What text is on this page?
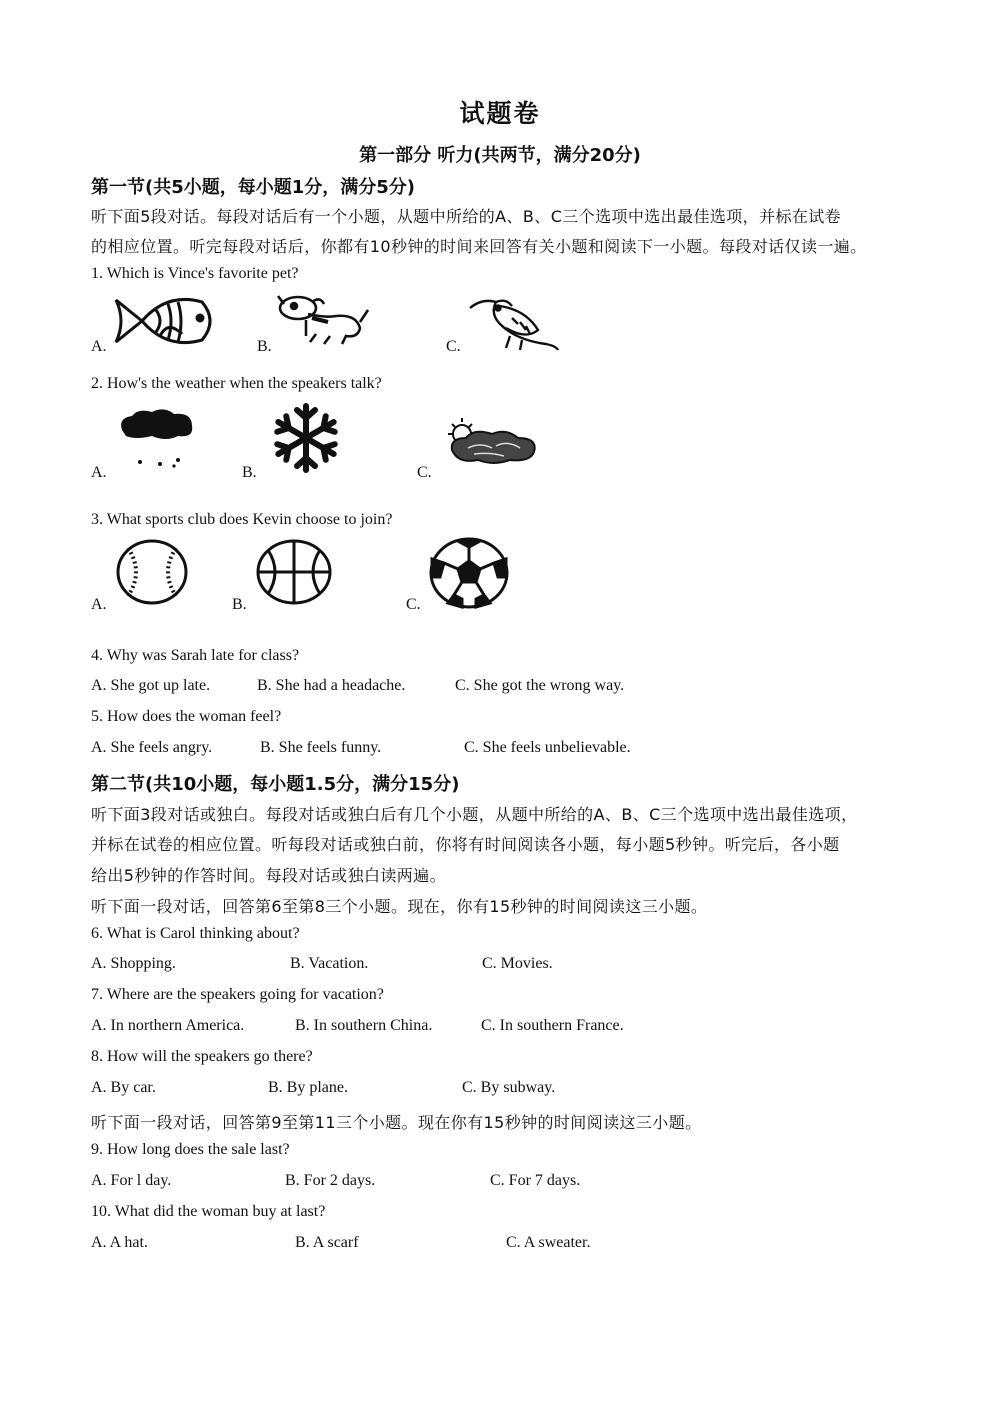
试题卷
第一部分 听力(共两节，满分20分)
第一节(共5小题，每小题1分，满分5分)
听下面5段对话。每段对话后有一个小题，从题中所给的A、B、C三个选项中选出最佳选项，并标在试卷
的相应位置。听完每段对话后，你都有10秒钟的时间来回答有关小题和阅读下一小题。每段对话仅读一遍。
1. Which is Vince's favorite pet?
A.	B.	C.
2. How's the weather when the speakers talk?
A.	B.	C.
3. What sports club does Kevin choose to join?
A.	B.	C.
4. Why was Sarah late for class?
A. She got up late.	B. She had a headache.	C. She got the wrong way.
5. How does the woman feel?
A. She feels angry.	B. She feels funny.	C. She feels unbelievable.
第二节(共10小题，每小题1.5分，满分15分)
听下面3段对话或独白。每段对话或独白后有几个小题，从题中所给的A、B、C三个选项中选出最佳选项，
并标在试卷的相应位置。听每段对话或独白前，你将有时间阅读各小题，每小题5秒钟。听完后，各小题
给出5秒钟的作答时间。每段对话或独白读两遍。
听下面一段对话，回答第6至第8三个小题。现在，你有15秒钟的时间阅读这三小题。
6. What is Carol thinking about?
A. Shopping.	B. Vacation.	C. Movies.
7. Where are the speakers going for vacation?
A. In northern America.	B. In southern China.	C. In southern France.
8. How will the speakers go there?
A. By car.	B. By plane.	C. By subway.
听下面一段对话，回答第9至第11三个小题。现在你有15秒钟的时间阅读这三小题。
9. How long does the sale last?
A. For l day.	B. For 2 days.	C. For 7 days.
10. What did the woman buy at last?
A. A hat.	B. A scarf	C. A sweater.
